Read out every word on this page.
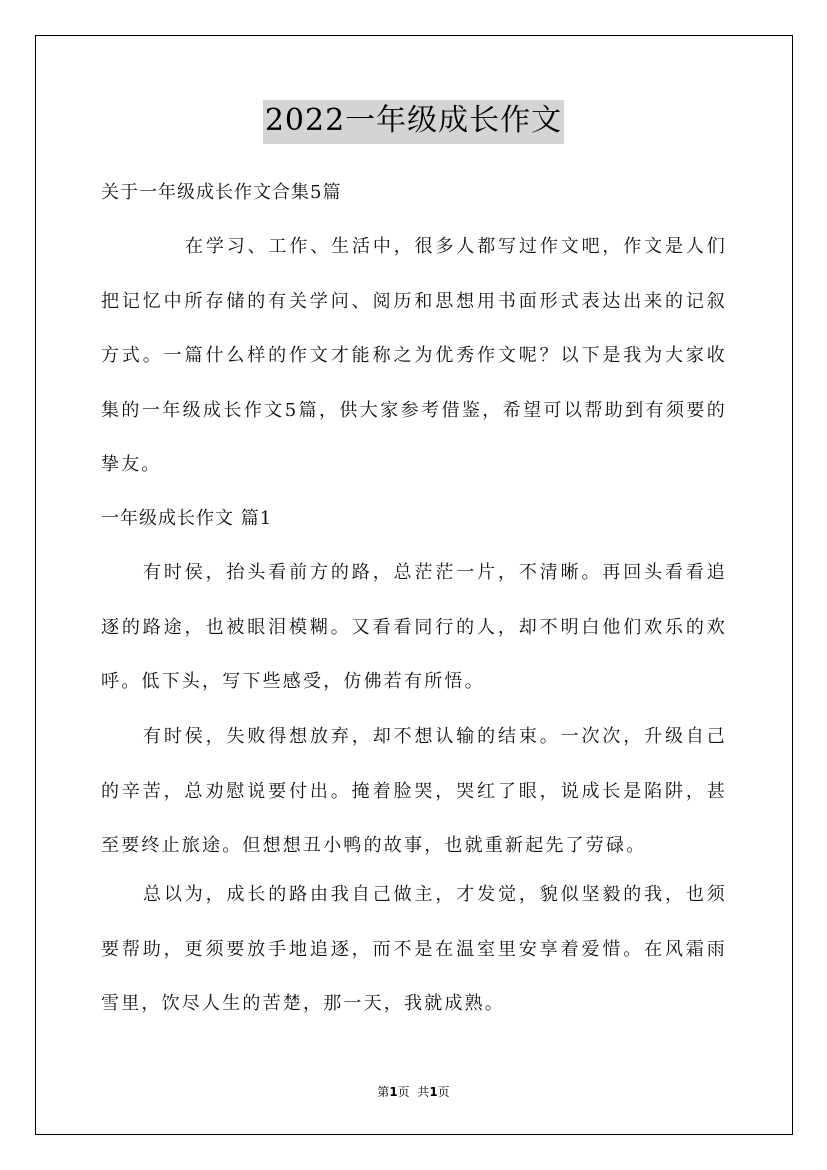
2022一年级成长作文

关于一年级成长作文合集5篇

在学习、工作、生活中，很多人都写过作文吧，作文是人们把记忆中所存储的有关学问、阅历和思想用书面形式表达出来的记叙方式。一篇什么样的作文才能称之为优秀作文呢？以下是我为大家收集的一年级成长作文5篇，供大家参考借鉴，希望可以帮助到有须要的挚友。

一年级成长作文 篇1

有时侯，抬头看前方的路，总茫茫一片，不清晰。再回头看看追逐的路途，也被眼泪模糊。又看看同行的人，却不明白他们欢乐的欢呼。低下头，写下些感受，仿佛若有所悟。

有时侯，失败得想放弃，却不想认输的结束。一次次，升级自己的辛苦，总劝慰说要付出。掩着脸哭，哭红了眼，说成长是陷阱，甚至要终止旅途。但想想丑小鸭的故事，也就重新起先了劳碌。

总以为，成长的路由我自己做主，才发觉，貌似坚毅的我，也须要帮助，更须要放手地追逐，而不是在温室里安享着爱惜。在风霜雨雪里，饮尽人生的苦楚，那一天，我就成熟。

第1页  共1页
